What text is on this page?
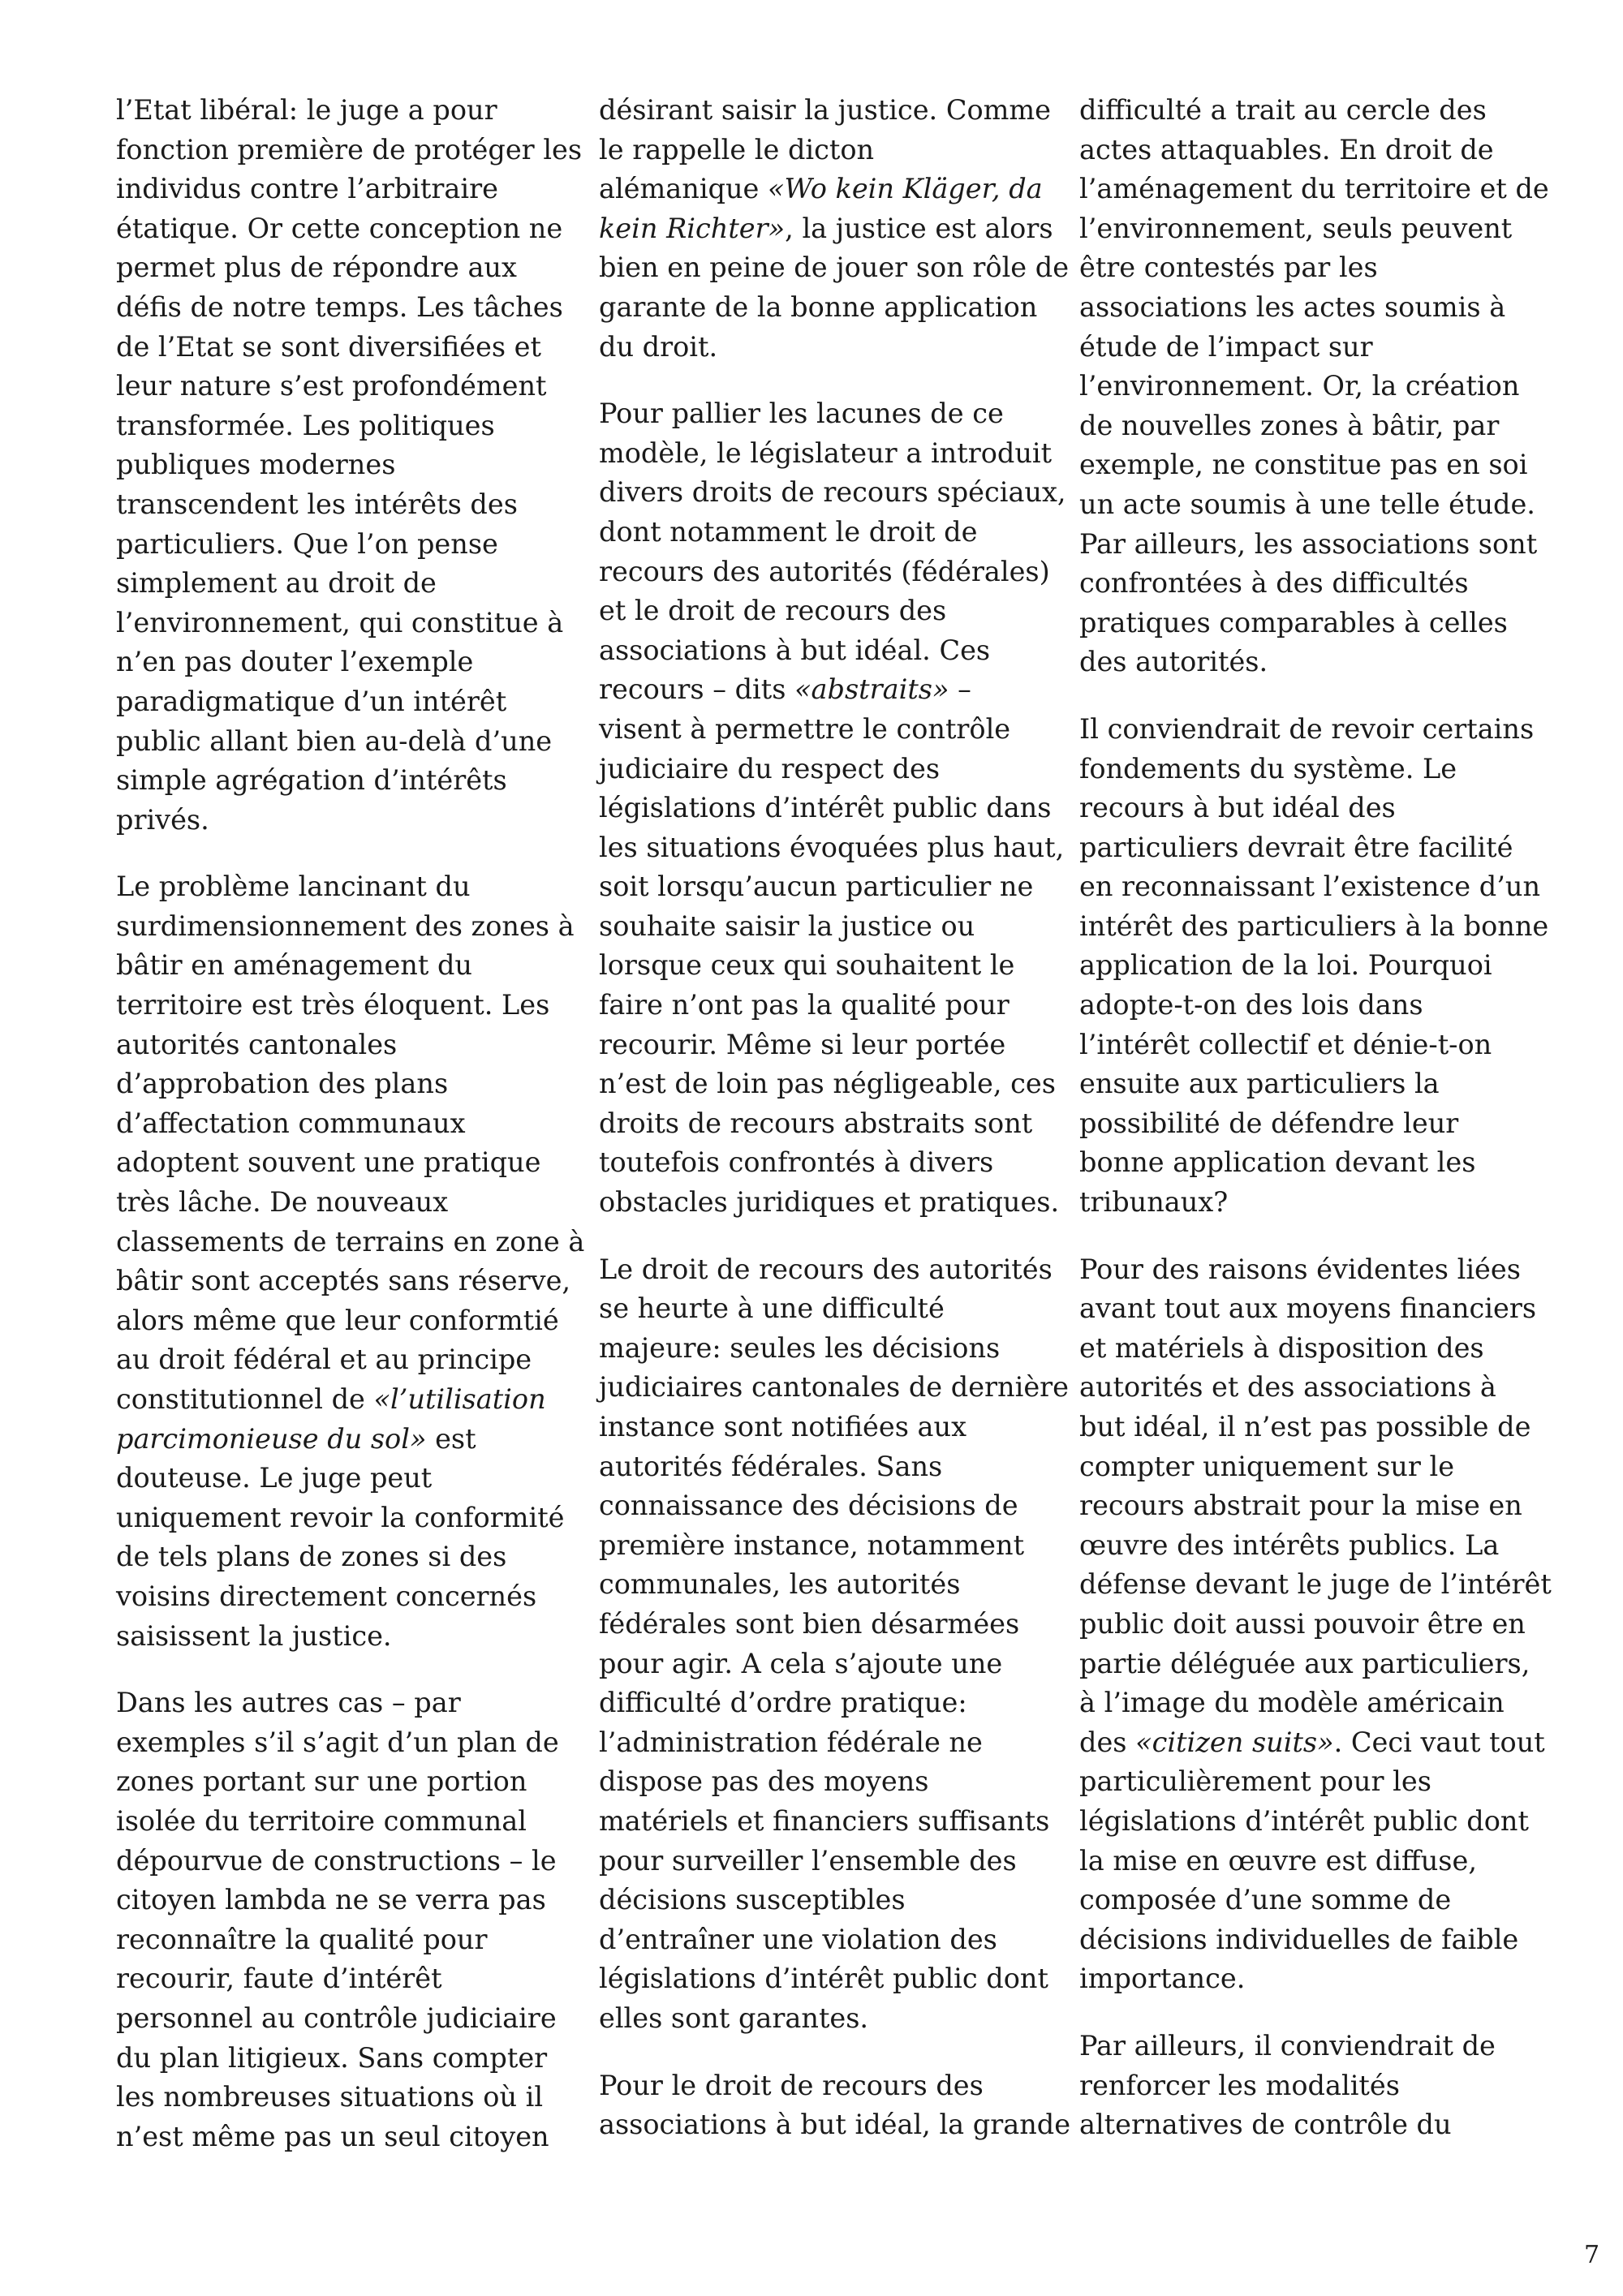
l’Etat libéral: le juge a pour
fonction première de protéger les
individus contre l’arbitraire
étatique. Or cette conception ne
permet plus de répondre aux
défis de notre temps. Les tâches
de l’Etat se sont diversifiées et
leur nature s’est profondément
transformée. Les politiques
publiques modernes
transcendent les intérêts des
particuliers. Que l’on pense
simplement au droit de
l’environnement, qui constitue à
n’en pas douter l’exemple
paradigmatique d’un intérêt
public allant bien au-delà d’une
simple agrégation d’intérêts
privés.
Le problème lancinant du
surdimensionnement des zones à
bâtir en aménagement du
territoire est très éloquent. Les
autorités cantonales
d’approbation des plans
d’affectation communaux
adoptent souvent une pratique
très lâche. De nouveaux
classements de terrains en zone à
bâtir sont acceptés sans réserve,
alors même que leur conformtié
au droit fédéral et au principe
constitutionnel de «l’utilisation
parcimonieuse du sol» est
douteuse. Le juge peut
uniquement revoir la conformité
de tels plans de zones si des
voisins directement concernés
saisissent la justice.
Dans les autres cas – par
exemples s’il s’agit d’un plan de
zones portant sur une portion
isolée du territoire communal
dépourvue de constructions – le
citoyen lambda ne se verra pas
reconnaître la qualité pour
recourir, faute d’intérêt
personnel au contrôle judiciaire
du plan litigieux. Sans compter
les nombreuses situations où il
n’est même pas un seul citoyen
désirant saisir la justice. Comme
le rappelle le dicton
alémanique «Wo kein Kläger, da
kein Richter», la justice est alors
bien en peine de jouer son rôle de
garante de la bonne application
du droit.
Pour pallier les lacunes de ce
modèle, le législateur a introduit
divers droits de recours spéciaux,
dont notamment le droit de
recours des autorités (fédérales)
et le droit de recours des
associations à but idéal. Ces
recours – dits «abstraits» –
visent à permettre le contrôle
judiciaire du respect des
législations d’intérêt public dans
les situations évoquées plus haut,
soit lorsqu’aucun particulier ne
souhaite saisir la justice ou
lorsque ceux qui souhaitent le
faire n’ont pas la qualité pour
recourir. Même si leur portée
n’est de loin pas négligeable, ces
droits de recours abstraits sont
toutefois confrontés à divers
obstacles juridiques et pratiques.
Le droit de recours des autorités
se heurte à une difficulté
majeure: seules les décisions
judiciaires cantonales de dernière
instance sont notifiées aux
autorités fédérales. Sans
connaissance des décisions de
première instance, notamment
communales, les autorités
fédérales sont bien désarmées
pour agir. A cela s’ajoute une
difficulté d’ordre pratique:
l’administration fédérale ne
dispose pas des moyens
matériels et financiers suffisants
pour surveiller l’ensemble des
décisions susceptibles
d’entraîner une violation des
législations d’intérêt public dont
elles sont garantes.
Pour le droit de recours des
associations à but idéal, la grande
difficulté a trait au cercle des
actes attaquables. En droit de
l’aménagement du territoire et de
l’environnement, seuls peuvent
être contestés par les
associations les actes soumis à
étude de l’impact sur
l’environnement. Or, la création
de nouvelles zones à bâtir, par
exemple, ne constitue pas en soi
un acte soumis à une telle étude.
Par ailleurs, les associations sont
confrontées à des difficultés
pratiques comparables à celles
des autorités.
Il conviendrait de revoir certains
fondements du système. Le
recours à but idéal des
particuliers devrait être facilité
en reconnaissant l’existence d’un
intérêt des particuliers à la bonne
application de la loi. Pourquoi
adopte-t-on des lois dans
l’intérêt collectif et dénie-t-on
ensuite aux particuliers la
possibilité de défendre leur
bonne application devant les
tribunaux?
Pour des raisons évidentes liées
avant tout aux moyens financiers
et matériels à disposition des
autorités et des associations à
but idéal, il n’est pas possible de
compter uniquement sur le
recours abstrait pour la mise en
œuvre des intérêts publics. La
défense devant le juge de l’intérêt
public doit aussi pouvoir être en
partie déléguée aux particuliers,
à l’image du modèle américain
des «citizen suits». Ceci vaut tout
particulièrement pour les
législations d’intérêt public dont
la mise en œuvre est diffuse,
composée d’une somme de
décisions individuelles de faible
importance.
Par ailleurs, il conviendrait de
renforcer les modalités
alternatives de contrôle du
7
